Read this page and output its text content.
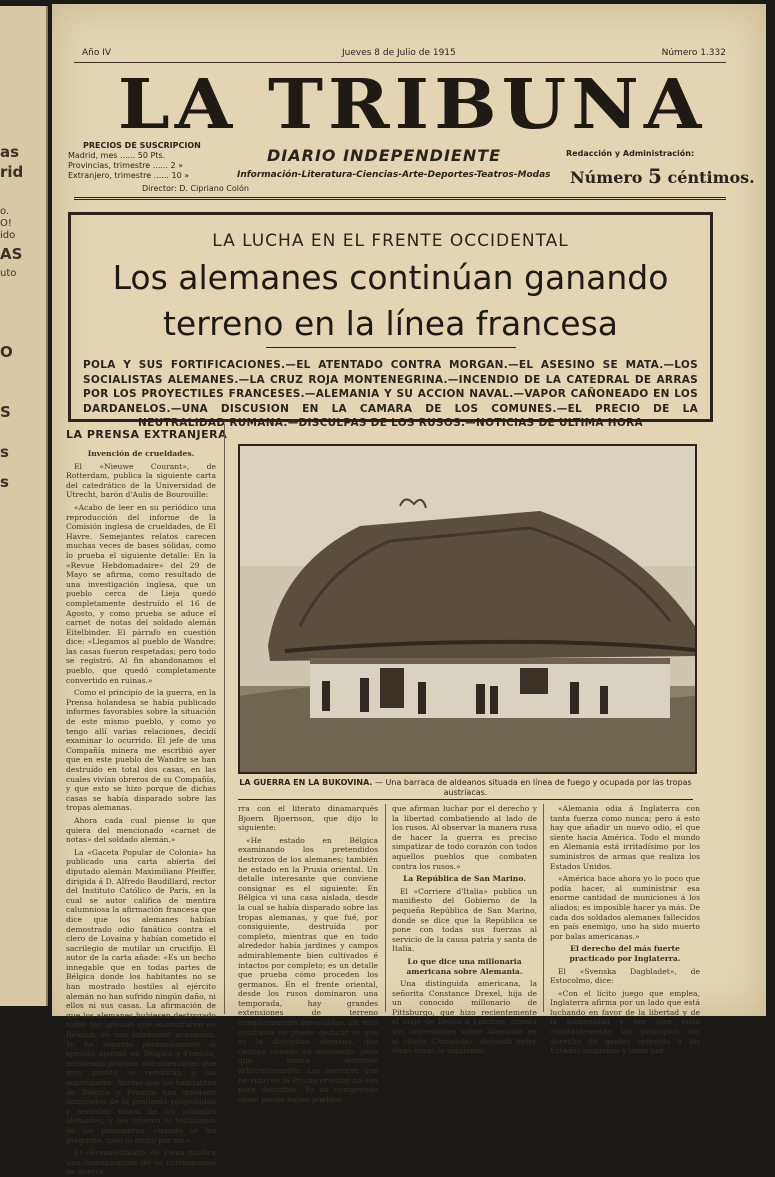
as
rid
o.
O!
ido
AS
uto
O
S
s
s
Año IV	Jueves 8 de Julio de 1915	Número 1.332
LA TRIBUNA
PRECIOS DE SUSCRIPCION
Madrid, mes ...... 50 Pts.
Provincias, trimestre ...... 2 »
Extranjero, trimestre ...... 10 »
Director: D. Cipriano Colón
DIARIO INDEPENDIENTE
Información-Literatura-Ciencias-Arte-Deportes-Teatros-Modas
Redacción y Administración:
Número 5 céntimos.
LA LUCHA EN EL FRENTE OCCIDENTAL
Los alemanes continúan ganando
terreno en la línea francesa
POLA Y SUS FORTIFICACIONES.—EL ATENTADO CONTRA MORGAN.—EL ASESINO SE MATA.—LOS SOCIALISTAS ALEMANES.—LA CRUZ ROJA MONTENEGRINA.—INCENDIO DE LA CATEDRAL DE ARRAS POR LOS PROYECTILES FRANCESES.—ALEMANIA Y SU ACCION NAVAL.—VAPOR CAÑONEADO EN LOS DARDANELOS.—UNA DISCUSION EN LA CAMARA DE LOS COMUNES.—EL PRECIO DE LA NEUTRALIDAD RUMANA.—DISCULPAS DE LOS RUSOS.—NOTICIAS DE ULTIMA HORA
LA PRENSA EXTRANJERA

Invención de crueldades.

El «Nieuwe Courant», de Rotterdam, publica la siguiente carta del catedrático de la Universidad de Utrecht, barón d'Aulis de Bourouille:

«Acabo de leer en su periódico una reproducción del informe de la Comisión inglesa de crueldades, de El Havre. Semejantes relatos carecen muchas veces de bases sólidas, como lo prueba el siguiente detalle: En la «Revue Hebdomadaire» del 29 de Mayo se afirma, como resultado de una investigación inglesa, que un pueblo cerca de Lieja quedó completamente destruído el 16 de Agosto, y como prueba se aduce el carnet de notas del soldado alemán Eitelbinder. El párrafo en cuestión dice: «Llegamos al pueblo de Wandre; las casas fueron respetadas; pero todo se registró. Al fin abandonamos el pueblo, que quedó completamente convertido en ruinas.»

Como el principio de la guerra, en la Prensa holandesa se había publicado informes favorables sobre la situación de este mismo pueblo, y como yo tengo allí varias relaciones, decidí examinar lo ocurrido. El jefe de una Compañía minera me escribió ayer que en este pueblo de Wandre se han destruído en total dos casas, en las cuales vivían obreros de su Compañía, y que esto se hizo porque de dichas casas se había disparado sobre las tropas alemanas.

Ahora cada cual piense lo que quiera del mencionado «carnet de notas» del soldado alemán.»

La «Gaceta Popular de Colonia» ha publicado una carta abierta del diputado alemán Maximiliano Pfeiffer, dirigida á D. Alfredo Baudillard, rector del Instituto Católico de París, en la cual se autor califica de mentira calumniosa la afirmación francesa que dice que los alemanes habían demostrado odio fanático contra el clero de Lovaina y habían cometido el sacrilegio de mutilar un crucifijo. El autor de la carta añade: «Es un hecho innegable que en todas partes de Bélgica donde los habitantes no se han mostrado hostiles al ejército alemán no han sufrido ningún daño, ni ellos ni sus casas. La afirmación de que los alemanes hubiesen destrozado todas las iglesias que encontraron en Bélgica, es una infamante acusación. Yo he seguido personalmente al ejército alemán en Bélgica y Francia, reuniendo pruebas documentarias que muy pronto se remitirán á las autoridades. Afirmo que los habitantes de Bélgica y Francia han quedado admirados de la profunda religiosidad y sencillez moral de los soldados alemanes, y les ofrezco el testimonio de los prisioneros, cuando se les pregunta, todo lo dicho por mí.»

El «Fremdenblatt» de Viena publica una comunicación de su corresponsal de guerra

LA GUERRA EN LA BUKOVINA. — Una barraca de aldeanos situada en línea de fuego y ocupada por las tropas austríacas.

rra con el literato dinamarqués Bjoern Bjoernson, que dijo lo siguiente:

«He estado en Bélgica examinando los pretendidos destrozos de los alemanes; también he estado en la Prusia oriental. Un detalle interesante que conviene consignar es el siguiente: En Bélgica vi una casa aislada, desde la cual se había disparado sobre las tropas alemanas, y que fué, por consiguiente, destruída por completo, mientras que en todo alrededor había jardines y campos admirablemente bien cultivados é intactos por completo; es un detalle que prueba cómo proceden los germanos. En el frente oriental, desde los rusos dominaron una temporada, hay grandes extensiones de terreno completamente devastadas. De este contraste se puede deducir lo que es la disciplina alemana, que castiga cuando es necesario; pero que nunca destruye arbitrariamente. Los horrores que he visto en la Prusia oriental no son para descritos. Yo no comprendo cómo puede haber pueblos

que afirman luchar por el derecho y la libertad combatiendo al lado de los rusos. Al observar la manera rusa de hacer la guerra es preciso simpatizar de todo corazón con todos aquellos pueblos que combaten contra los rusos.»

La República de San Marino.

El «Corriere d'Italia» publica un manifiesto del Gobierno de la pequeña República de San Marino, donde se dice que la República se pone con todas sus fuerzas al servicio de la causa patria y santa de Italia.

Lo que dice una millonaria americana sobre Alemania.

Una distinguida americana, la señorita Constance Drexel, hija de un conocido millonario de Pittsburgo, que hizo recientemente el viaje de Berlín á Londres, cuenta sus impresiones sobre Alemania en el «Daily Chronicle», diciendo entre otras cosas lo siguiente:

«Alemania odia á Inglaterra con tanta fuerza como nunca; pero á esto hay que añadir un nuevo odio, el que siente hacia América. Todo el mundo en Alemania está irritadísimo por los suministros de armas que realiza los Estados Unidos.

«América hace ahora yo lo poco que podía hacer, al suministrar esa enorme cantidad de municiones á los aliados; es imposible hacer ya más. De cada dos soldados alemanes fallecidos en país enemigo, uno ha sido muerto por balas americanas.»

El derecho del más fuerte practicado por Inglaterra.

El «Svenska Dagbladet», de Estocolmo, dice:

«Con el lícito juego que emplea, Inglaterra afirma por un lado que está luchando en favor de la libertad y de la humanidad y por otra viola constantemente los principios del derecho de gentes respecto á los Estados pequeños y tiene por
